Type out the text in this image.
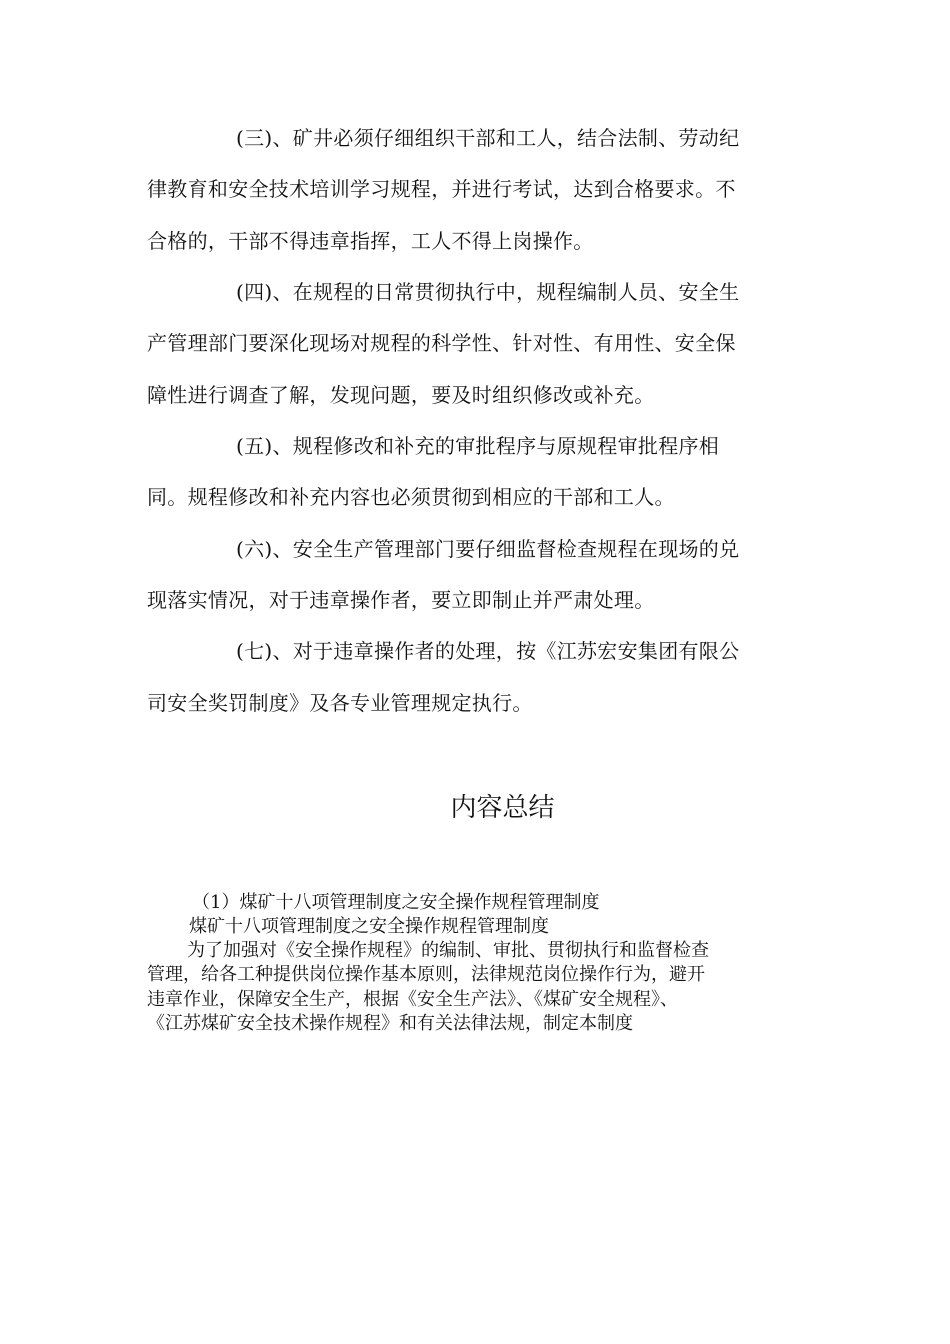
(三)、矿井必须仔细组织干部和工人，结合法制、劳动纪
律教育和安全技术培训学习规程，并进行考试，达到合格要求。不
合格的，干部不得违章指挥，工人不得上岗操作。
(四)、在规程的日常贯彻执行中，规程编制人员、安全生
产管理部门要深化现场对规程的科学性、针对性、有用性、安全保
障性进行调查了解，发现问题，要及时组织修改或补充。
(五)、规程修改和补充的审批程序与原规程审批程序相
同。规程修改和补充内容也必须贯彻到相应的干部和工人。
(六)、安全生产管理部门要仔细监督检查规程在现场的兑
现落实情况，对于违章操作者，要立即制止并严肃处理。
(七)、对于违章操作者的处理，按《江苏宏安集团有限公
司安全奖罚制度》及各专业管理规定执行。
内容总结
（1）煤矿十八项管理制度之安全操作规程管理制度
煤矿十八项管理制度之安全操作规程管理制度
为了加强对《安全操作规程》的编制、审批、贯彻执行和监督检查
管理，给各工种提供岗位操作基本原则，法律规范岗位操作行为，避开
违章作业，保障安全生产，根据《安全生产法》、《煤矿安全规程》、
《江苏煤矿安全技术操作规程》和有关法律法规，制定本制度
